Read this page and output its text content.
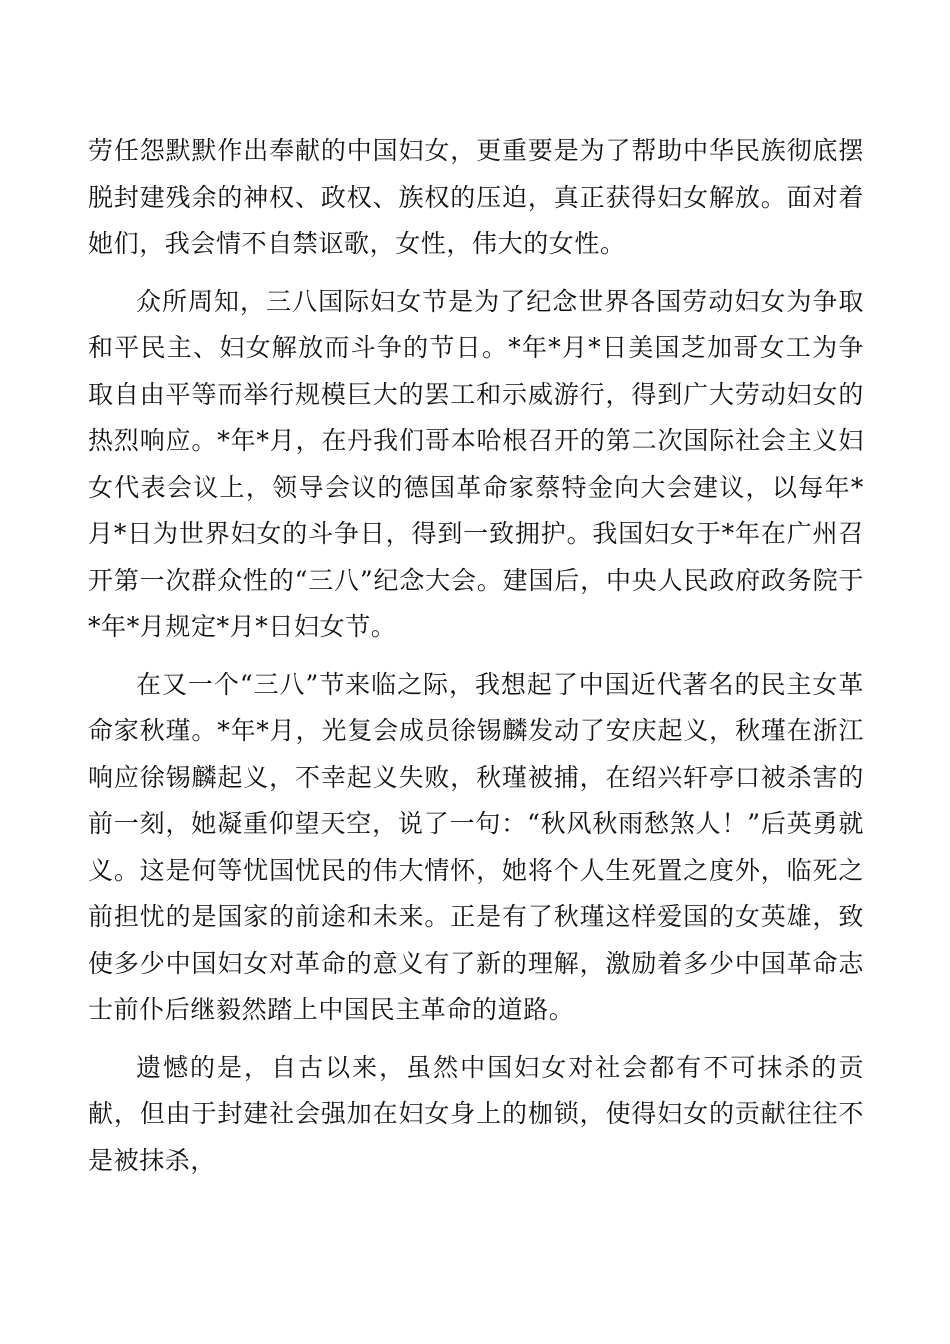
劳任怨默默作出奉献的中国妇女，更重要是为了帮助中华民族彻底摆脱封建残余的神权、政权、族权的压迫，真正获得妇女解放。面对着她们，我会情不自禁讴歌，女性，伟大的女性。

众所周知，三八国际妇女节是为了纪念世界各国劳动妇女为争取和平民主、妇女解放而斗争的节日。*年*月*日美国芝加哥女工为争取自由平等而举行规模巨大的罢工和示威游行，得到广大劳动妇女的热烈响应。*年*月，在丹我们哥本哈根召开的第二次国际社会主义妇女代表会议上，领导会议的德国革命家蔡特金向大会建议，以每年*月*日为世界妇女的斗争日，得到一致拥护。我国妇女于*年在广州召开第一次群众性的“三八”纪念大会。建国后，中央人民政府政务院于*年*月规定*月*日妇女节。

在又一个“三八”节来临之际，我想起了中国近代著名的民主女革命家秋瑾。*年*月，光复会成员徐锡麟发动了安庆起义，秋瑾在浙江响应徐锡麟起义，不幸起义失败，秋瑾被捕，在绍兴轩亭口被杀害的前一刻，她凝重仰望天空，说了一句：“秋风秋雨愁煞人！”后英勇就义。这是何等忧国忧民的伟大情怀，她将个人生死置之度外，临死之前担忧的是国家的前途和未来。正是有了秋瑾这样爱国的女英雄，致使多少中国妇女对革命的意义有了新的理解，激励着多少中国革命志士前仆后继毅然踏上中国民主革命的道路。

遗憾的是，自古以来，虽然中国妇女对社会都有不可抹杀的贡献，但由于封建社会强加在妇女身上的枷锁，使得妇女的贡献往往不是被抹杀，
